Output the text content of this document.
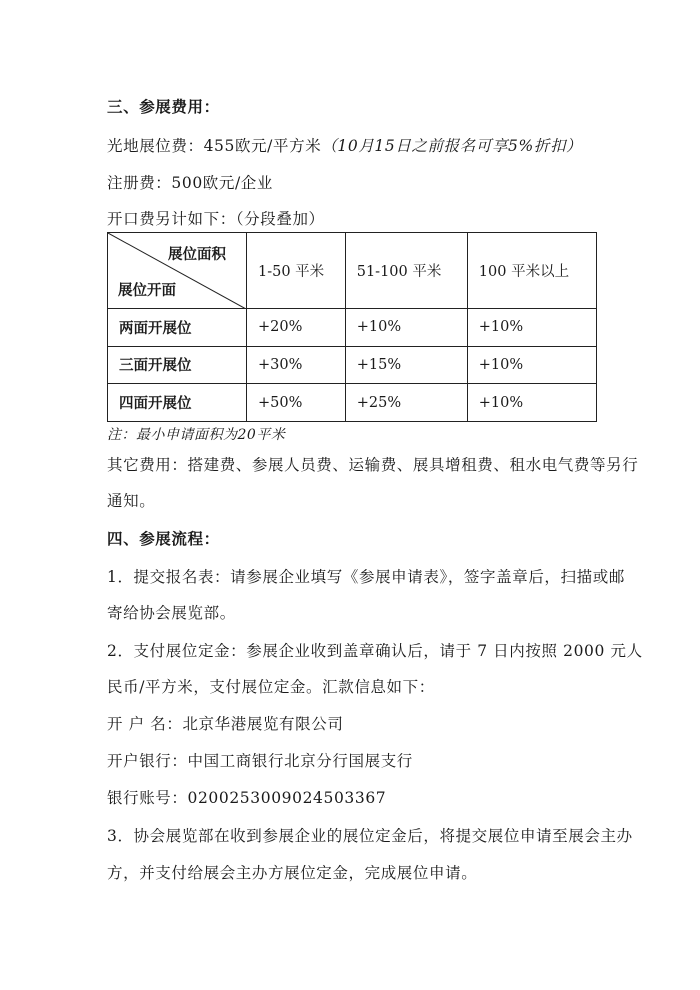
三、参展费用：
光地展位费：455欧元/平方米（10月15日之前报名可享5%折扣）
注册费：500欧元/企业
开口费另计如下：（分段叠加）
展位面积
展位开面	1-50 平米	51-100 平米	100 平米以上
两面开展位	+20%	+10%	+10%
三面开展位	+30%	+15%	+10%
四面开展位	+50%	+25%	+10%
注：最小申请面积为20平米
其它费用：搭建费、参展人员费、运输费、展具增租费、租水电气费等另行
通知。
四、参展流程：
1．提交报名表：请参展企业填写《参展申请表》，签字盖章后，扫描或邮
寄给协会展览部。
2．支付展位定金：参展企业收到盖章确认后，请于 7 日内按照 2000 元人
民币/平方米，支付展位定金。汇款信息如下：
开 户 名：北京华港展览有限公司
开户银行：中国工商银行北京分行国展支行
银行账号：0200253009024503367
3．协会展览部在收到参展企业的展位定金后，将提交展位申请至展会主办
方，并支付给展会主办方展位定金，完成展位申请。
